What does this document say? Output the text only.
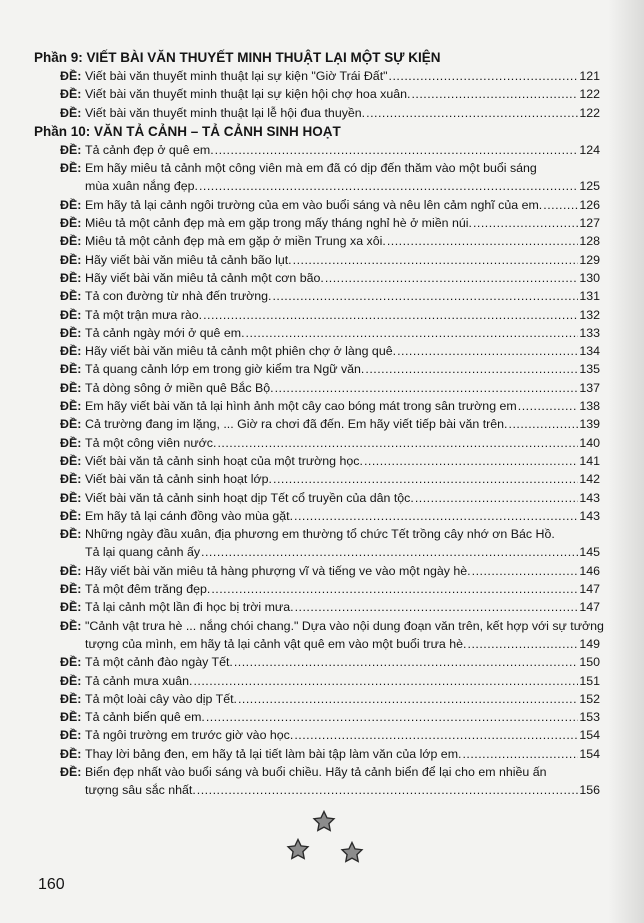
Phần 9: VIẾT BÀI VĂN THUYẾT MINH THUẬT LẠI MỘT SỰ KIỆN
ĐỀ: Viết bài văn thuyết minh thuật lại sự kiện "Giờ Trái Đất" .....	121
ĐỀ: Viết bài văn thuyết minh thuật lại sự kiện hội chợ hoa xuân. .....	122
ĐỀ: Viết bài văn thuyết minh thuật lại lễ hội đua thuyền. .....	122
Phần 10: VĂN TẢ CẢNH – TẢ CẢNH SINH HOẠT
ĐỀ: Tả cảnh đẹp ở quê em. .....	124
ĐỀ: Em hãy miêu tả cảnh một công viên mà em đã có dịp đến thăm vào một buổi sáng
mùa xuân nắng đẹp. .....	125
ĐỀ: Em hãy tả lại cảnh ngôi trường của em vào buổi sáng và nêu lên cảm nghĩ của em. .....	126
ĐỀ: Miêu tả một cảnh đẹp mà em gặp trong mấy tháng nghỉ hè ở miền núi. .....	127
ĐỀ: Miêu tả một cảnh đẹp mà em gặp ở miền Trung xa xôi. .....	128
ĐỀ: Hãy viết bài văn miêu tả cảnh bão lụt. .....	129
ĐỀ: Hãy viết bài văn miêu tả cảnh một cơn bão. .....	130
ĐỀ: Tả con đường từ nhà đến trường. .....	131
ĐỀ: Tả một trận mưa rào. .....	132
ĐỀ: Tả cảnh ngày mới ở quê em. .....	133
ĐỀ: Hãy viết bài văn miêu tả cảnh một phiên chợ ở làng quê. .....	134
ĐỀ: Tả quang cảnh lớp em trong giờ kiểm tra Ngữ văn. .....	135
ĐỀ: Tả dòng sông ở miền quê Bắc Bộ. .....	137
ĐỀ: Em hãy viết bài văn tả lại hình ảnh một cây cao bóng mát trong sân trường em .....	138
ĐỀ: Cả trường đang im lặng, ... Giờ ra chơi đã đến. Em hãy viết tiếp bài văn trên. .....	139
ĐỀ: Tả một công viên nước. .....	140
ĐỀ: Viết bài văn tả cảnh sinh hoạt của một trường học. .....	141
ĐỀ: Viết bài văn tả cảnh sinh hoạt lớp. .....	142
ĐỀ: Viết bài văn tả cảnh sinh hoạt dịp Tết cổ truyền của dân tộc. .....	143
ĐỀ: Em hãy tả lại cánh đồng vào mùa gặt. .....	143
ĐỀ: Những ngày đầu xuân, địa phương em thường tổ chức Tết trồng cây nhớ ơn Bác Hồ.
Tả lại quang cảnh ấy .....	145
ĐỀ: Hãy viết bài văn miêu tả hàng phượng vĩ và tiếng ve vào một ngày hè. .....	146
ĐỀ: Tả một đêm trăng đẹp. .....	147
ĐỀ: Tả lại cảnh một lần đi học bị trời mưa. .....	147
ĐỀ: "Cảnh vật trưa hè ... nắng chói chang." Dựa vào nội dung đoạn văn trên, kết hợp với sự tưởng
tượng của mình, em hãy tả lại cảnh vật quê em vào một buổi trưa hè. .....	149
ĐỀ: Tả một cảnh đào ngày Tết. .....	150
ĐỀ: Tả cảnh mưa xuân. .....	151
ĐỀ: Tả một loài cây vào dịp Tết. .....	152
ĐỀ: Tả cảnh biển quê em. .....	153
ĐỀ: Tả ngôi trường em trước giờ vào học. .....	154
ĐỀ: Thay lời bảng đen, em hãy tả lại tiết làm bài tập làm văn của lớp em. .....	154
ĐỀ: Biển đẹp nhất vào buổi sáng và buổi chiều. Hãy tả cảnh biển để lại cho em nhiều ấn
tượng sâu sắc nhất. .....	156
160
